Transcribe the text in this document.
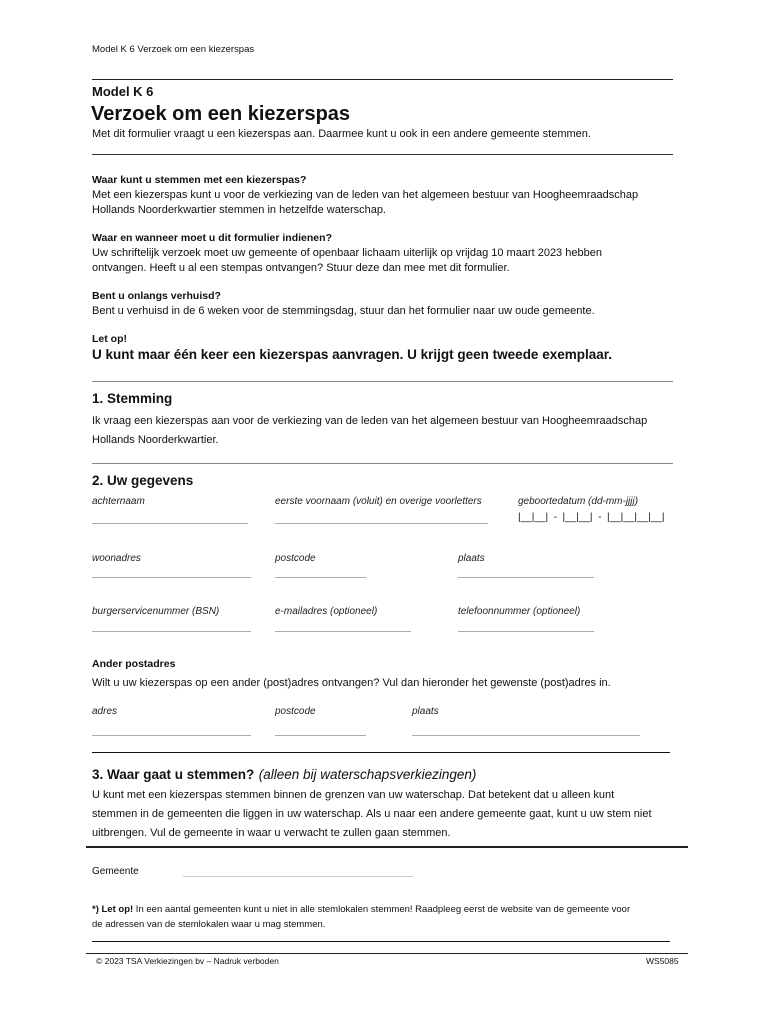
Model K 6 Verzoek om een kiezerspas
Model K 6
Verzoek om een kiezerspas
Met dit formulier vraagt u een kiezerspas aan. Daarmee kunt u ook in een andere gemeente stemmen.
Waar kunt u stemmen met een kiezerspas?
Met een kiezerspas kunt u voor de verkiezing van de leden van het algemeen bestuur van Hoogheemraadschap
Hollands Noorderkwartier stemmen in hetzelfde waterschap.
Waar en wanneer moet u dit formulier indienen?
Uw schriftelijk verzoek moet uw gemeente of openbaar lichaam uiterlijk op vrijdag 10 maart 2023 hebben
ontvangen. Heeft u al een stempas ontvangen? Stuur deze dan mee met dit formulier.
Bent u onlangs verhuisd?
Bent u verhuisd in de 6 weken voor de stemmingsdag, stuur dan het formulier naar uw oude gemeente.
Let op!
U kunt maar één keer een kiezerspas aanvragen. U krijgt geen tweede exemplaar.
1. Stemming
Ik vraag een kiezerspas aan voor de verkiezing van de leden van het algemeen bestuur van Hoogheemraadschap
Hollands Noorderkwartier.
2. Uw gegevens
achternaam	eerste voornaam (voluit) en overige voorletters	geboortedatum (dd-mm-jjjj)
|__|__|  -  |__|__|  -  |__|__|__|__|
woonadres	postcode	plaats
burgerservicenummer (BSN)	e-mailadres (optioneel)	telefoonnummer (optioneel)
Ander postadres
Wilt u uw kiezerspas op een ander (post)adres ontvangen? Vul dan hieronder het gewenste (post)adres in.
adres	postcode	plaats
3. Waar gaat u stemmen? (alleen bij waterschapsverkiezingen)
U kunt met een kiezerspas stemmen binnen de grenzen van uw waterschap. Dat betekent dat u alleen kunt
stemmen in de gemeenten die liggen in uw waterschap. Als u naar een andere gemeente gaat, kunt u uw stem niet
uitbrengen. Vul de gemeente in waar u verwacht te zullen gaan stemmen.
Gemeente
*) Let op! In een aantal gemeenten kunt u niet in alle stemlokalen stemmen! Raadpleeg eerst de website van de gemeente voor
de adressen van de stemlokalen waar u mag stemmen.
© 2023 TSA Verkiezingen bv – Nadruk verboden	WS5085
